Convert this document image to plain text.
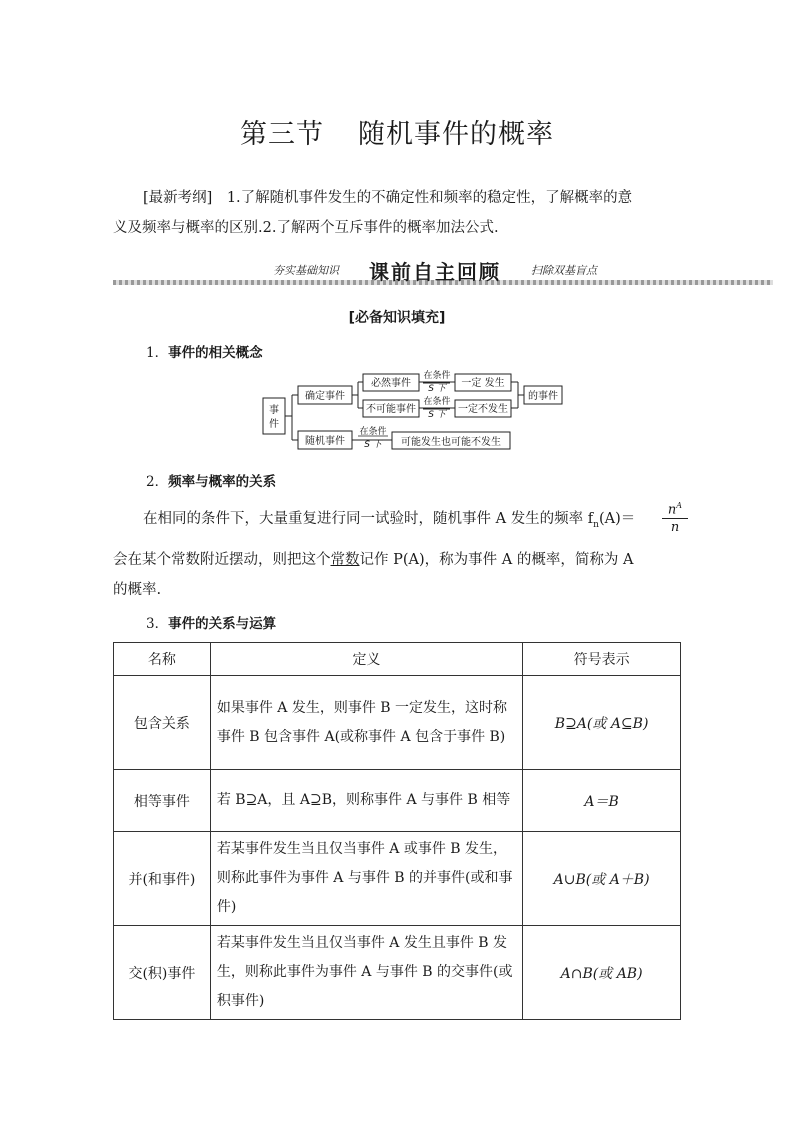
第三节 随机事件的概率
[最新考纲]　1.了解随机事件发生的不确定性和频率的稳定性，了解概率的意
义及频率与概率的区别.2.了解两个互斥事件的概率加法公式.
夯实基础知识 课前自主回顾	扫除双基盲点
[必备知识填充]
1．事件的相关概念
事
件
确定事件
随机事件
必然事件
不可能事件
在条件
S 下
在条件
S 下
在条件
S 下
一定 发生
一定不发生
可能发生也可能不发生
的事件
2．频率与概率的关系
在相同的条件下，大量重复进行同一试验时，随机事件 A 发生的频率 $f_n(A)= \frac{n^A}{n}$
会在某个常数附近摆动，则把这个常数记作 P(A)，称为事件 A 的概率，简称为 A
的概率.
3．事件的关系与运算
名称	定义	符号表示
包含关系	如果事件 A 发生，则事件 B 一定发生，这时称事件 B 包含事件 A(或称事件 A 包含于事件 B)	B⊇A(或 A⊆B)
相等事件	若 B⊇A，且 A⊇B，则称事件 A 与事件 B 相等	A＝B
并(和事件)	若某事件发生当且仅当事件 A 或事件 B 发生，则称此事件为事件 A 与事件 B 的并事件(或和事件)	A∪B(或 A＋B)
交(积)事件	若某事件发生当且仅当事件 A 发生且事件 B 发生，则称此事件为事件 A 与事件 B 的交事件(或积事件)	A∩B(或 AB)
